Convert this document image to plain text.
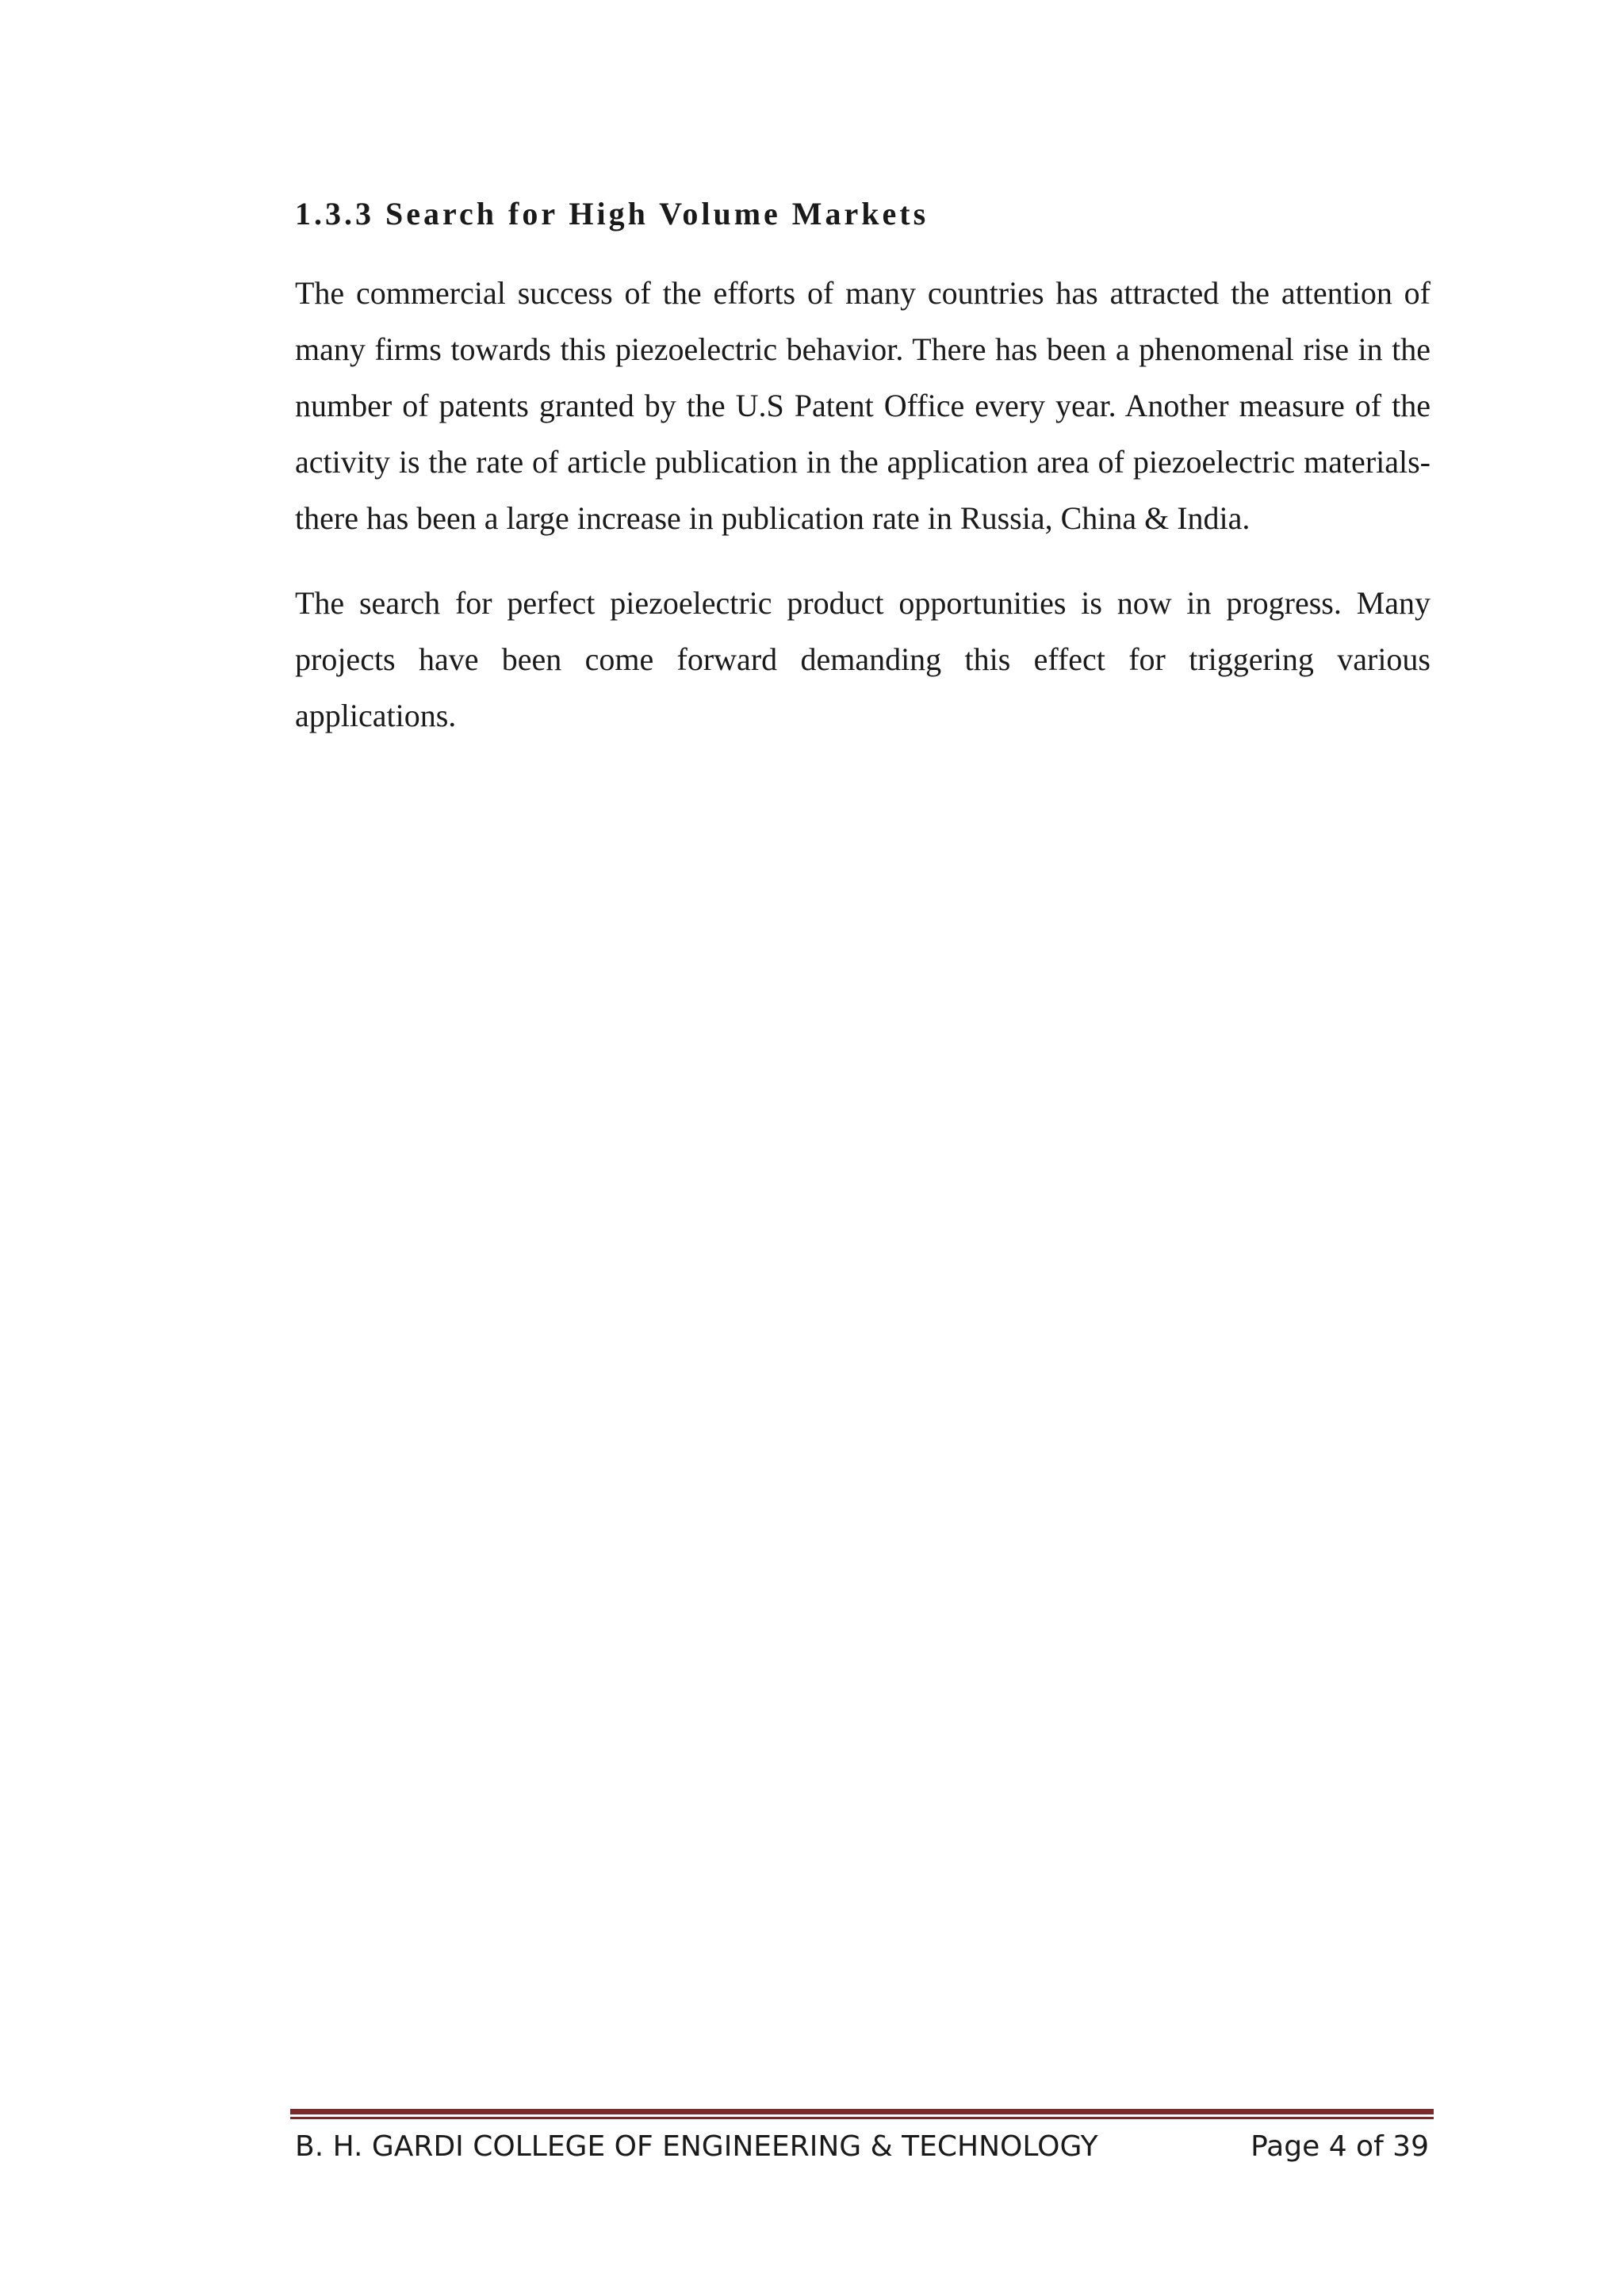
1.3.3 Search for High Volume Markets

The commercial success of the efforts of many countries has attracted the attention of many firms towards this piezoelectric behavior. There has been a phenomenal rise in the number of patents granted by the U.S Patent Office every year. Another measure of the activity is the rate of article publication in the application area of piezoelectric materials- there has been a large increase in publication rate in Russia, China & India.

The search for perfect piezoelectric product opportunities is now in progress. Many projects have been come forward demanding this effect for triggering various applications.

B. H. GARDI COLLEGE OF ENGINEERING & TECHNOLOGY	Page 4 of 39
